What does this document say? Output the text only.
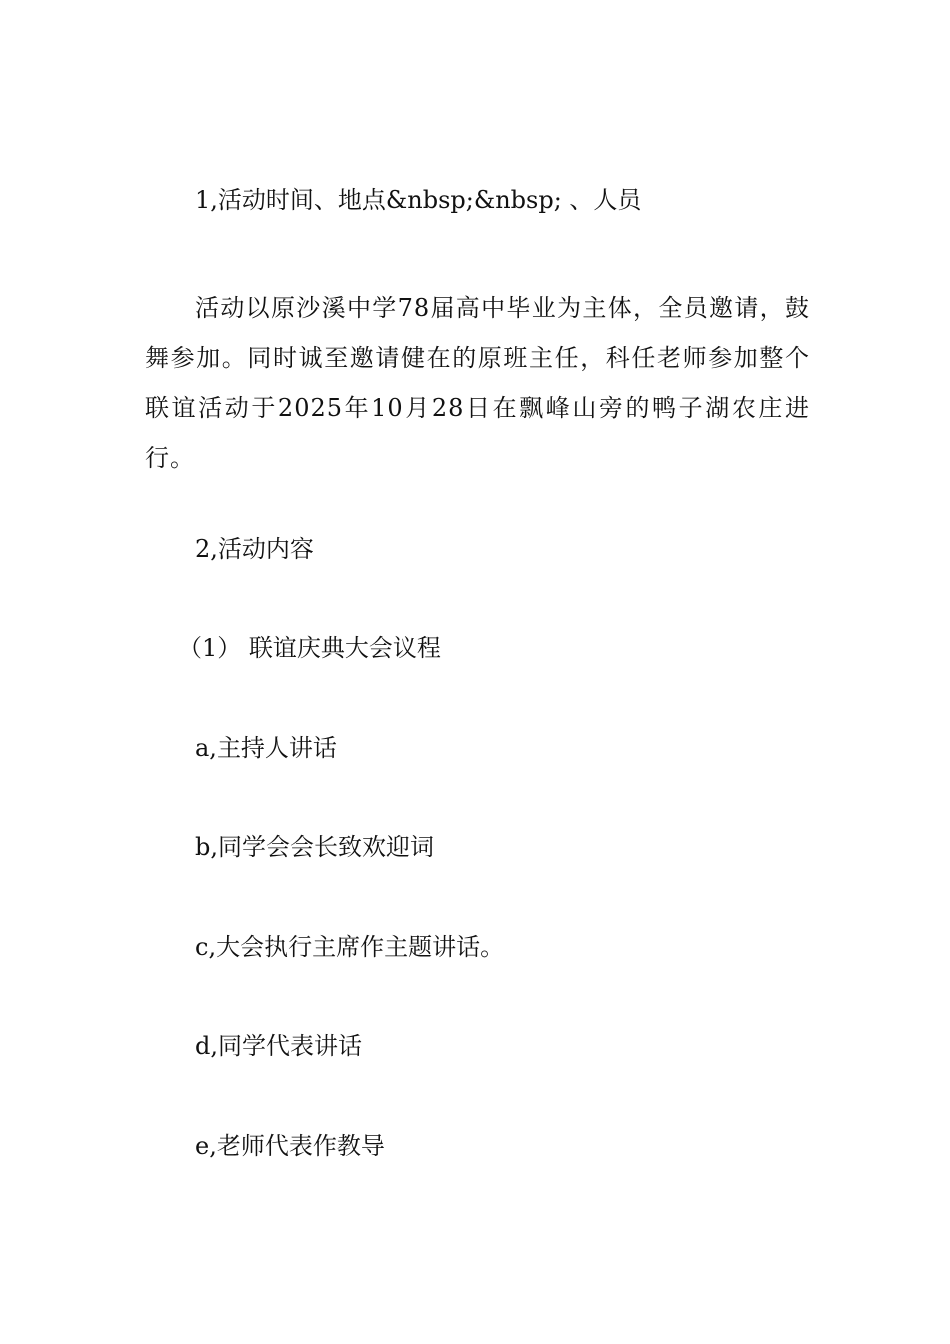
1,活动时间、地点&nbsp;&nbsp; 、人员

活动以原沙溪中学78届高中毕业为主体，全员邀请，鼓舞参加。同时诚至邀请健在的原班主任，科任老师参加整个联谊活动于2025年10月28日在飘峰山旁的鸭子湖农庄进行。

2,活动内容

（1） 联谊庆典大会议程

a,主持人讲话

b,同学会会长致欢迎词

c,大会执行主席作主题讲话。

d,同学代表讲话

e,老师代表作教导
